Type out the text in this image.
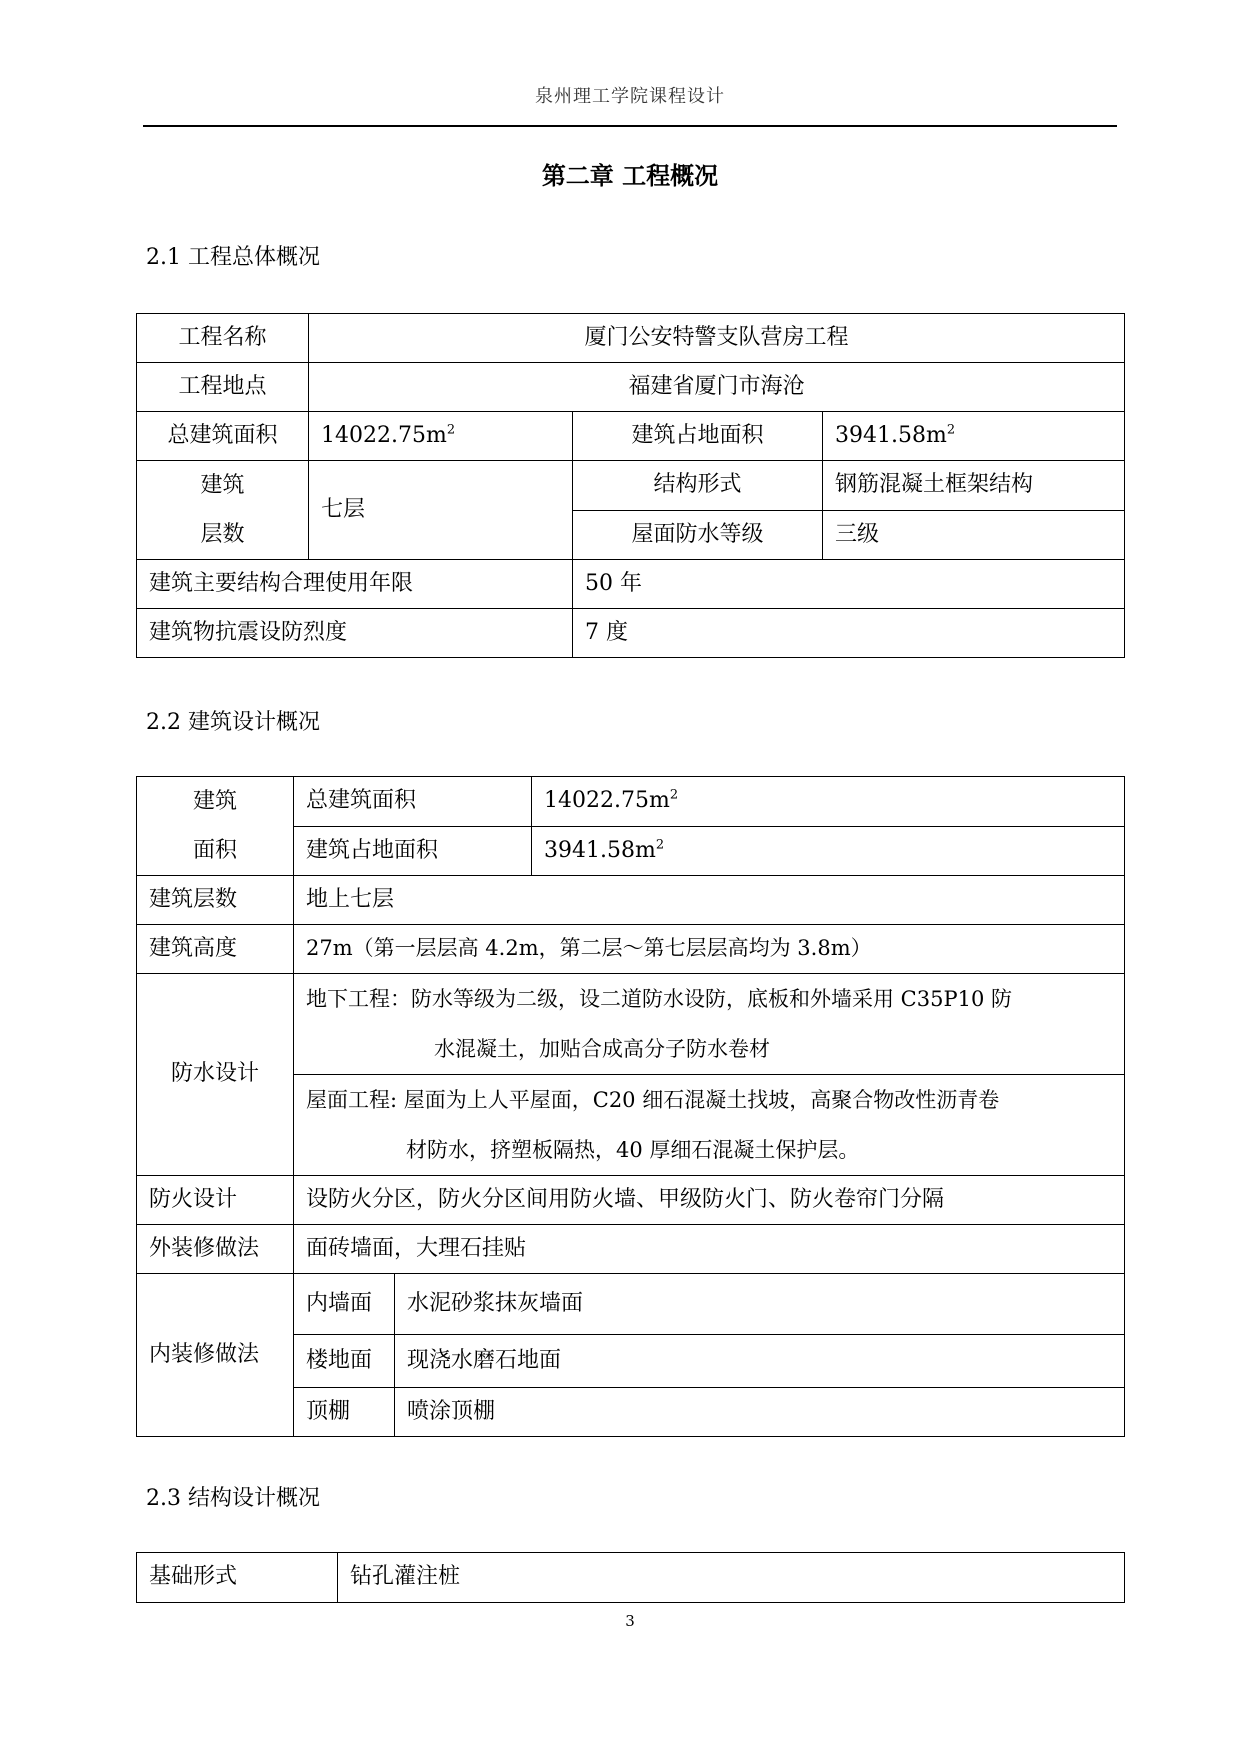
泉州理工学院课程设计
第二章 工程概况
2.1 工程总体概况
工程名称	厦门公安特警支队营房工程		
工程地点	福建省厦门市海沧		
总建筑面积	$14022.75m^2$	建筑占地面积	$3941.58m^2$
建筑
层数	七层	结构形式	钢筋混凝土框架结构
		屋面防水等级	三级
建筑主要结构合理使用年限		50 年	
建筑物抗震设防烈度		7 度	
2.2 建筑设计概况
建筑
面积	总建筑面积		$14022.75m^2$
	建筑占地面积		$3941.58m^2$
建筑层数	地上七层		
建筑高度	27m（第一层层高 4.2m，第二层～第七层层高均为 3.8m）		
防水设计	地下工程：防水等级为二级，设二道防水设防，底板和外墙采用 C35P10 防
水混凝土，加贴合成高分子防水卷材		

	屋面工程: 屋面为上人平屋面，C20 细石混凝土找坡，高聚合物改性沥青卷
材防水，挤塑板隔热，40 厚细石混凝土保护层。		

防火设计	设防火分区，防火分区间用防火墙、甲级防火门、防火卷帘门分隔		
外装修做法	面砖墙面，大理石挂贴		
内装修做法	内墙面	水泥砂浆抹灰墙面	
	楼地面	现浇水磨石地面	
	顶棚	喷涂顶棚	
2.3 结构设计概况
基础形式	钻孔灌注桩
3
